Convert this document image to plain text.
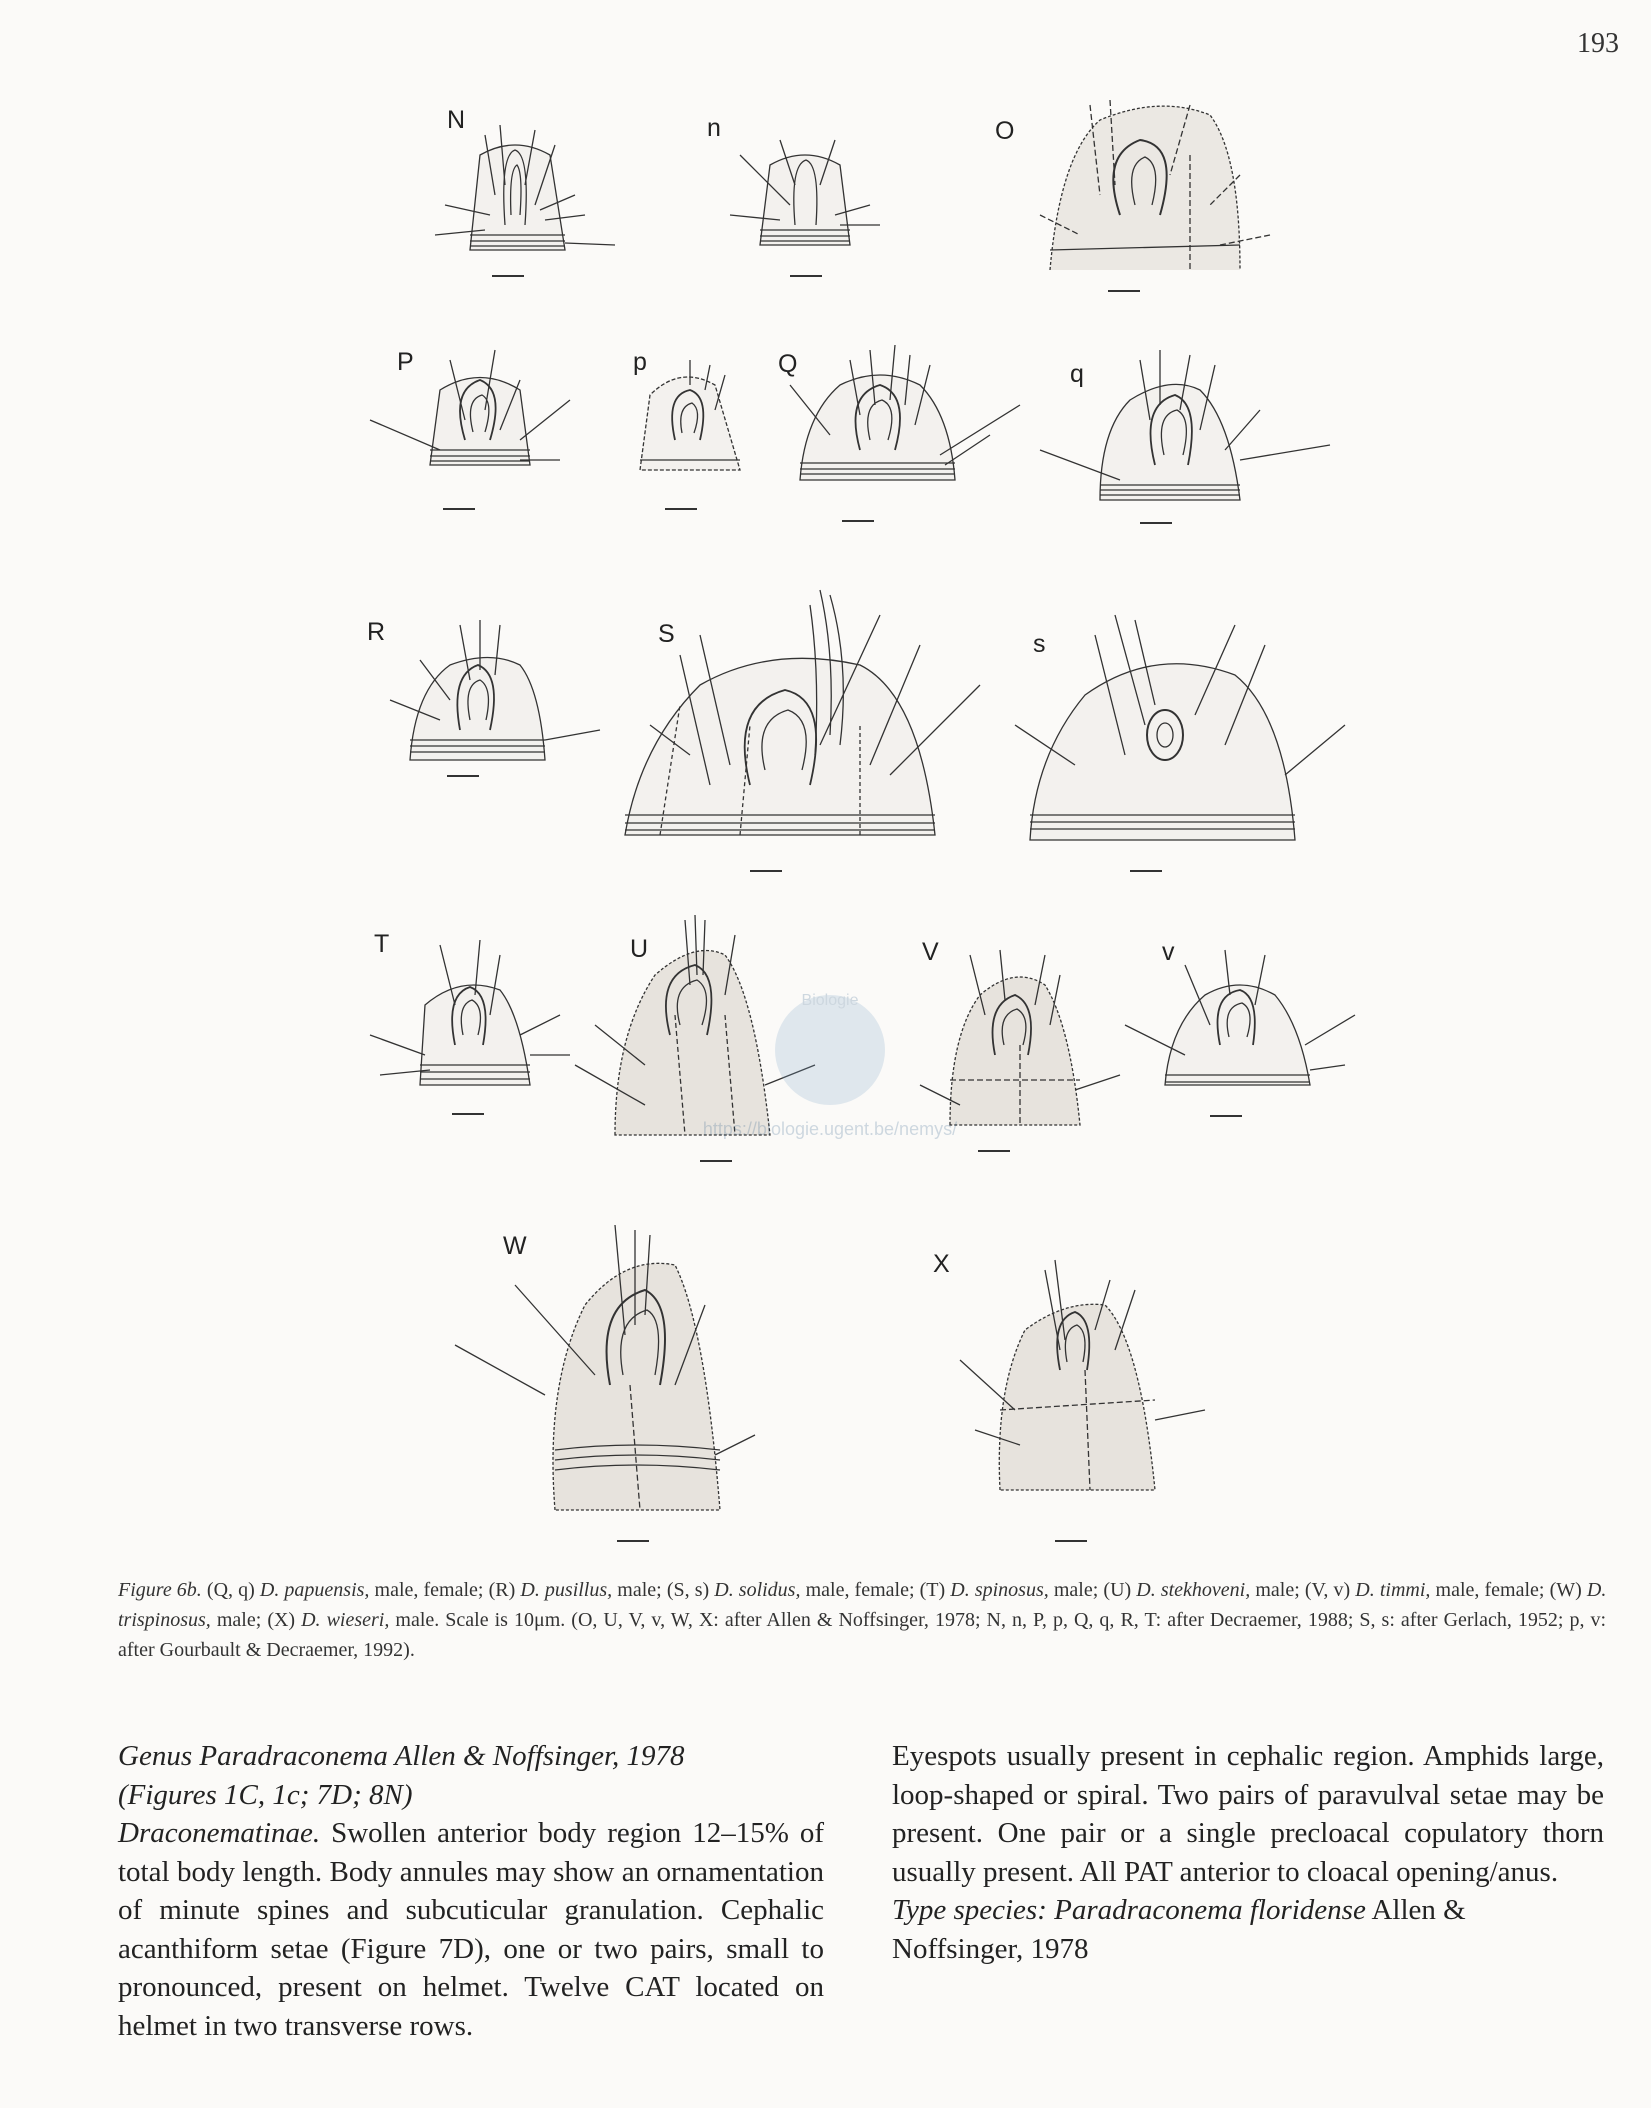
193
N	n	O
P	p	Q	q
R	S	s
T	U	V	v
W
X
Biologie
https://biologie.ugent.be/nemys/
Figure 6b. (Q, q) D. papuensis, male, female; (R) D. pusillus, male; (S, s) D. solidus, male, female; (T) D. spinosus, male; (U) D. stekhoveni, male; (V, v) D. timmi, male, female; (W) D. trispinosus, male; (X) D. wieseri, male. Scale is 10μm. (O, U, V, v, W, X: after Allen & Noffsinger, 1978; N, n, P, p, Q, q, R, T: after Decraemer, 1988; S, s: after Gerlach, 1952; p, v: after Gourbault & Decraemer, 1992).

Genus Paradraconema Allen & Noffsinger, 1978

(Figures 1C, 1c; 7D; 8N)

Draconematinae. Swollen anterior body region 12–15% of total body length. Body annules may show an ornamentation of minute spines and subcuticular granulation. Cephalic acanthiform setae (Figure 7D), one or two pairs, small to pronounced, present on helmet. Twelve CAT located on helmet in two transverse rows.

Eyespots usually present in cephalic region. Amphids large, loop-shaped or spiral. Two pairs of paravulval setae may be present. One pair or a single precloacal copulatory thorn usually present. All PAT anterior to cloacal opening/anus.

Type species: Paradraconema floridense Allen & Noffsinger, 1978
